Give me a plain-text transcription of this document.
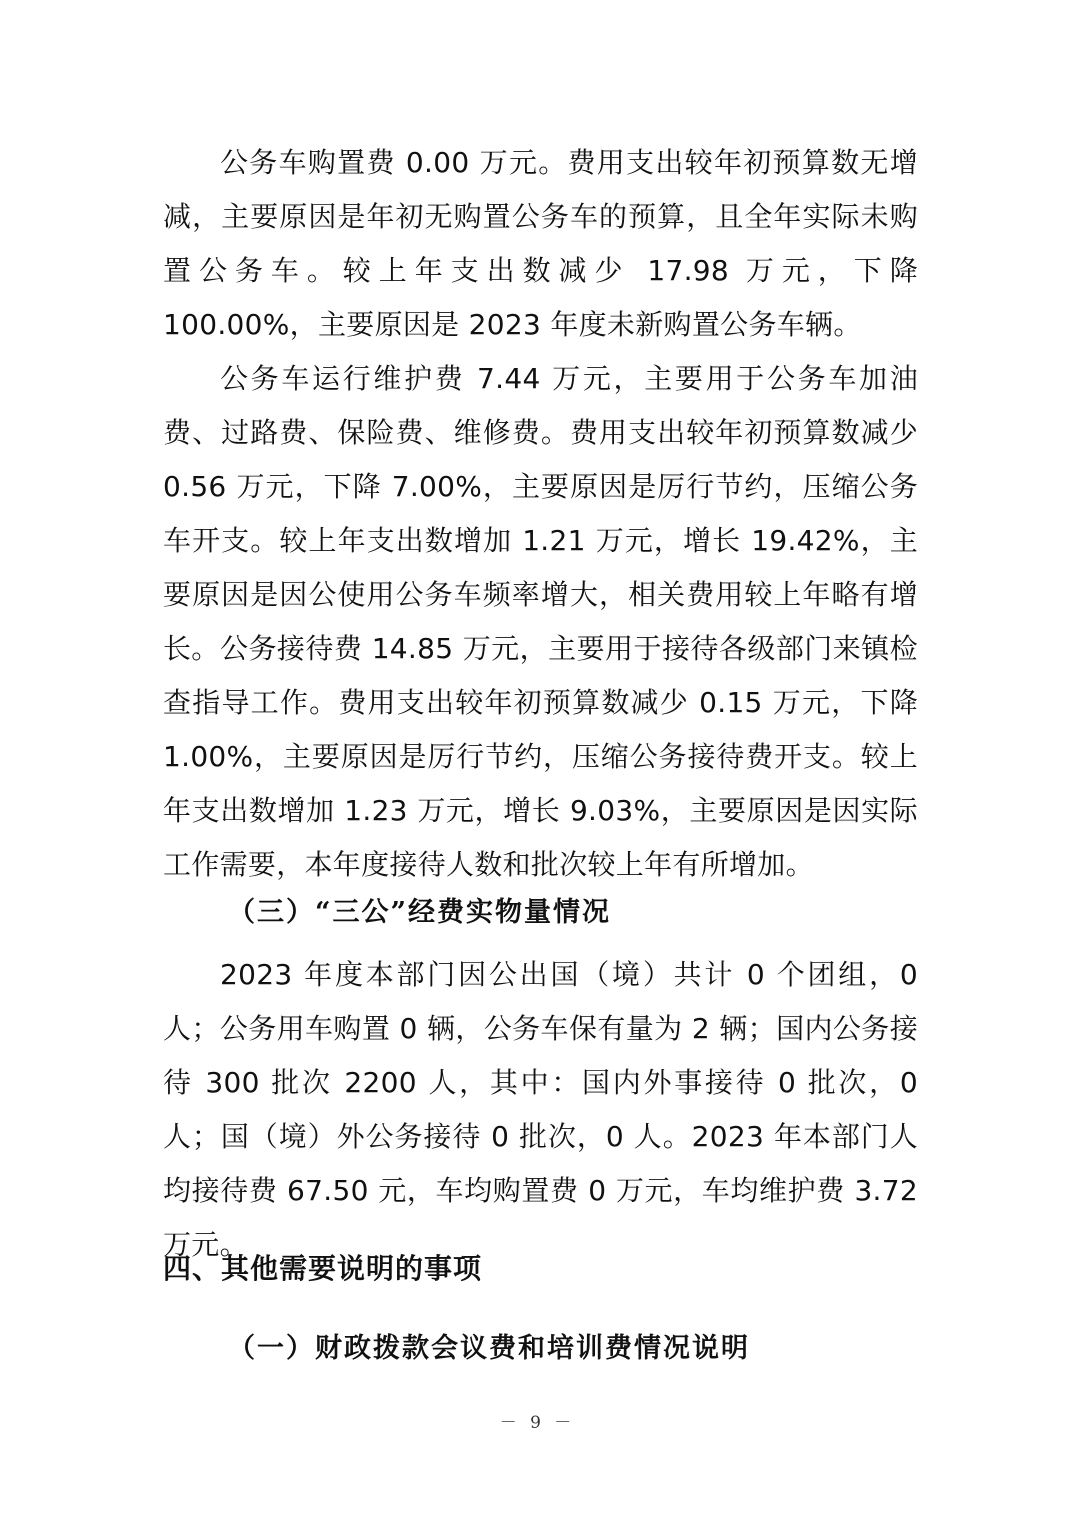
公务车购置费 0.00 万元。费用支出较年初预算数无增减，主要原因是年初无购置公务车的预算，且全年实际未购置公务车。较上年支出数减少 17.98 万元，下降 100.00%，主要原因是 2023 年度未新购置公务车辆。

公务车运行维护费 7.44 万元，主要用于公务车加油费、过路费、保险费、维修费。费用支出较年初预算数减少 0.56 万元，下降 7.00%，主要原因是厉行节约，压缩公务车开支。较上年支出数增加 1.21 万元，增长 19.42%，主要原因是因公使用公务车频率增大，相关费用较上年略有增长。 公务接待费 14.85 万元，主要用于接待各级部门来镇检查指导工作。费用支出较年初预算数减少 0.15 万元，下降 1.00%，主要原因是厉行节约，压缩公务接待费开支。较上年支出数增加 1.23 万元，增长 9.03%，主要原因是因实际工作需要，本年度接待人数和批次较上年有所增加。

（三）“三公”经费实物量情况

2023 年度本部门因公出国（境）共计 0 个团组，0 人；公务用车购置 0 辆，公务车保有量为 2 辆；国内公务接待 300 批次 2200 人，其中：国内外事接待 0 批次，0 人；国（境）外公务接待 0 批次，0 人。2023 年本部门人均接待费 67.50 元，车均购置费 0 万元，车均维护费 3.72 万元。

四、其他需要说明的事项
（一）财政拨款会议费和培训费情况说明
－ 9 －
